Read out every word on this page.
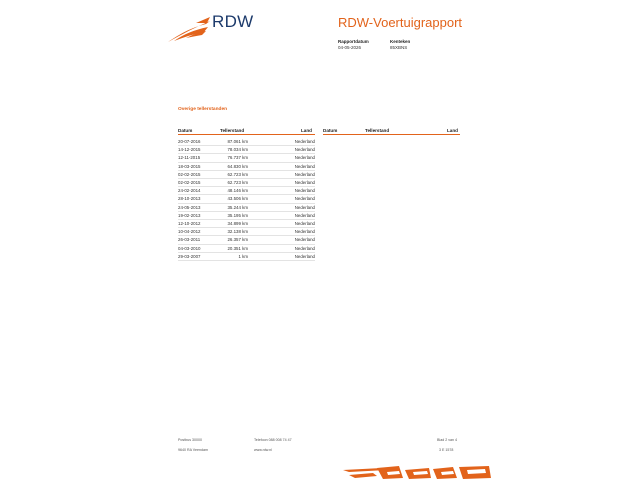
RDW	RDW-Voertuigrapport
Rapportdatum
04-05-2026
Kenteken
85XBNS
Overige tellerstanden
Datum	Tellerstand	Land
20-07-2016	87.061 km	Nederland
14-12-2015	78.034 km	Nederland
12-11-2015	76.737 km	Nederland
18-03-2015	64.830 km	Nederland
02-02-2015	62.723 km	Nederland
02-02-2015	62.723 km	Nederland
24-02-2014	48.146 km	Nederland
28-10-2013	43.506 km	Nederland
24-05-2013	35.244 km	Nederland
19-02-2013	35.195 km	Nederland
12-10-2012	34.899 km	Nederland
10-04-2012	32.138 km	Nederland
26-03-2011	26.357 km	Nederland
04-03-2010	20.351 km	Nederland
29-03-2007	1 km	Nederland
Datum	Tellerstand	Land
Postbus 30000
9640 RA Veendam
Telefoon 088 008 74 47
www.rdw.nl
Blad 2 van 4
3 E 1578
